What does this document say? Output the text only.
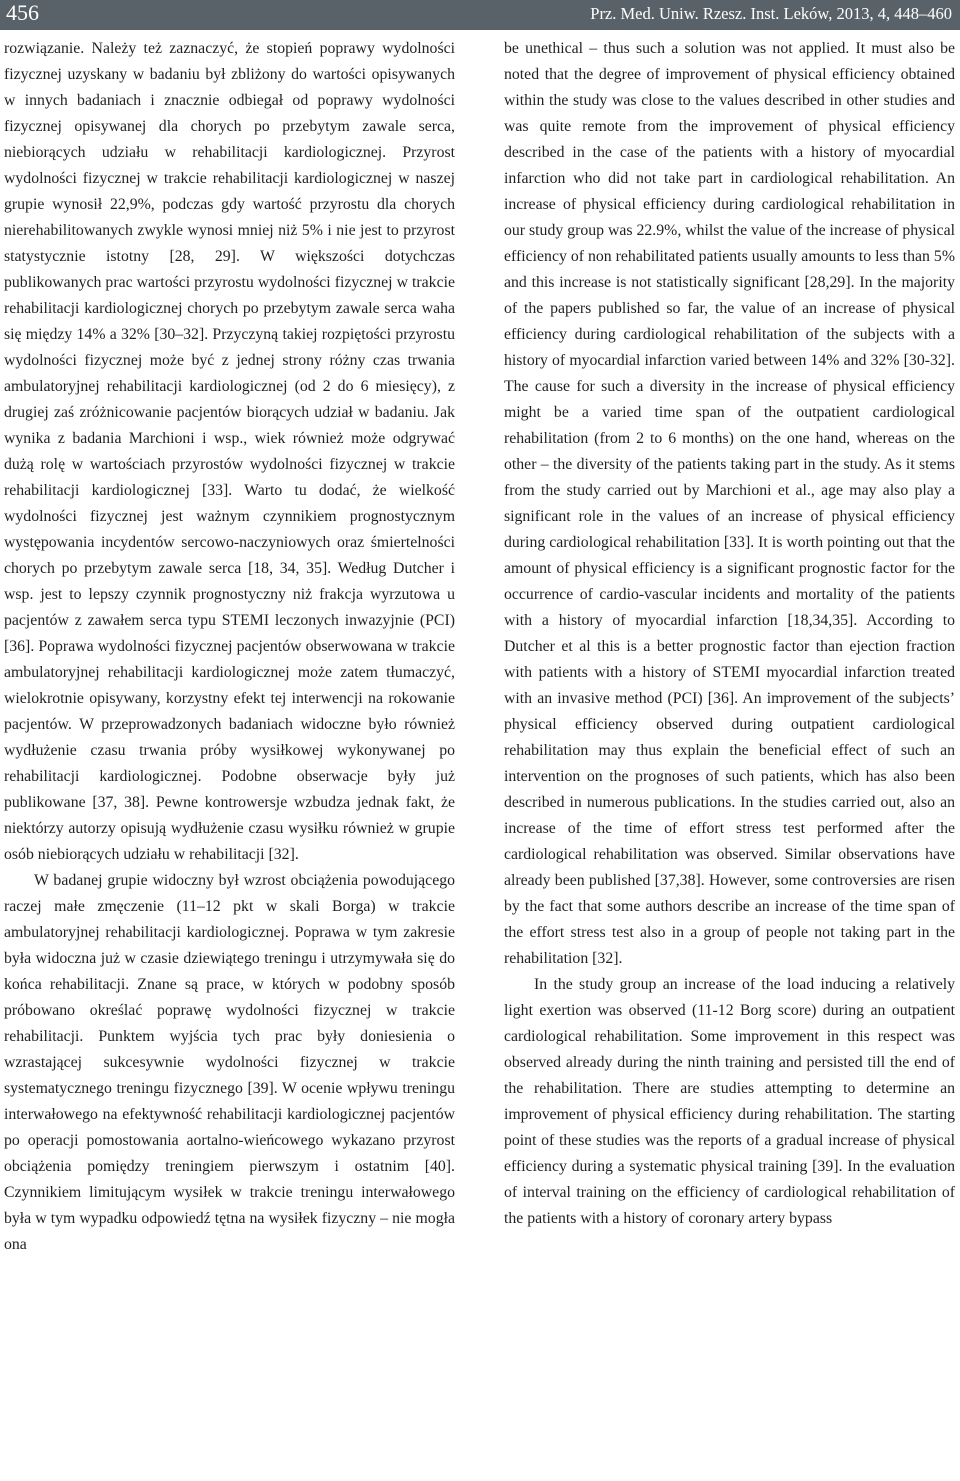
456	Prz. Med. Uniw. Rzesz. Inst. Leków, 2013, 4, 448–460

rozwiązanie. Należy też zaznaczyć, że stopień poprawy wydolności fizycznej uzyskany w badaniu był zbliżony do wartości opisywanych w innych badaniach i znacznie odbiegał od poprawy wydolności fizycznej opisywanej dla chorych po przebytym zawale serca, niebiorących udziału w rehabilitacji kardiologicznej. Przyrost wydolności fizycznej w trakcie rehabilitacji kardiologicznej w naszej grupie wynosił 22,9%, podczas gdy wartość przyrostu dla chorych nierehabilitowanych zwykle wynosi mniej niż 5% i nie jest to przyrost statystycznie istotny [28, 29]. W większości dotychczas publikowanych prac wartości przyrostu wydolności fizycznej w trakcie rehabilitacji kardiologicznej chorych po przebytym zawale serca waha się między 14% a 32% [30–32]. Przyczyną takiej rozpiętości przyrostu wydolności fizycznej może być z jednej strony różny czas trwania ambulatoryjnej rehabilitacji kardiologicznej (od 2 do 6 miesięcy), z drugiej zaś zróżnicowanie pacjentów biorących udział w badaniu. Jak wynika z badania Marchioni i wsp., wiek również może odgrywać dużą rolę w wartościach przyrostów wydolności fizycznej w trakcie rehabilitacji kardiologicznej [33]. Warto tu dodać, że wielkość wydolności fizycznej jest ważnym czynnikiem prognostycznym występowania incydentów sercowo-naczyniowych oraz śmiertelności chorych po przebytym zawale serca [18, 34, 35]. Według Dutcher i wsp. jest to lepszy czynnik prognostyczny niż frakcja wyrzutowa u pacjentów z zawałem serca typu STEMI leczonych inwazyjnie (PCI) [36]. Poprawa wydolności fizycznej pacjentów obserwowana w trakcie ambulatoryjnej rehabilitacji kardiologicznej może zatem tłumaczyć, wielokrotnie opisywany, korzystny efekt tej interwencji na rokowanie pacjentów. W przeprowadzonych badaniach widoczne było również wydłużenie czasu trwania próby wysiłkowej wykonywanej po rehabilitacji kardiologicznej. Podobne obserwacje były już publikowane [37, 38]. Pewne kontrowersje wzbudza jednak fakt, że niektórzy autorzy opisują wydłużenie czasu wysiłku również w grupie osób niebiorących udziału w rehabilitacji [32].

W badanej grupie widoczny był wzrost obciążenia powodującego raczej małe zmęczenie (11–12 pkt w skali Borga) w trakcie ambulatoryjnej rehabilitacji kardiologicznej. Poprawa w tym zakresie była widoczna już w czasie dziewiątego treningu i utrzymywała się do końca rehabilitacji. Znane są prace, w których w podobny sposób próbowano określać poprawę wydolności fizycznej w trakcie rehabilitacji. Punktem wyjścia tych prac były doniesienia o wzrastającej sukcesywnie wydolności fizycznej w trakcie systematycznego treningu fizycznego [39]. W ocenie wpływu treningu interwałowego na efektywność rehabilitacji kardiologicznej pacjentów po operacji pomostowania aortalno-wieńcowego wykazano przyrost obciążenia pomiędzy treningiem pierwszym i ostatnim [40]. Czynnikiem limitującym wysiłek w trakcie treningu interwałowego była w tym wypadku odpowiedź tętna na wysiłek fizyczny – nie mogła ona

be unethical – thus such a solution was not applied. It must also be noted that the degree of improvement of physical efficiency obtained within the study was close to the values described in other studies and was quite remote from the improvement of physical efficiency described in the case of the patients with a history of myocardial infarction who did not take part in cardiological rehabilitation. An increase of physical efficiency during cardiological rehabilitation in our study group was 22.9%, whilst the value of the increase of physical efficiency of non rehabilitated patients usually amounts to less than 5% and this increase is not statistically significant [28,29]. In the majority of the papers published so far, the value of an increase of physical efficiency during cardiological rehabilitation of the subjects with a history of myocardial infarction varied between 14% and 32% [30-32]. The cause for such a diversity in the increase of physical efficiency might be a varied time span of the outpatient cardiological rehabilitation (from 2 to 6 months) on the one hand, whereas on the other – the diversity of the patients taking part in the study. As it stems from the study carried out by Marchioni et al., age may also play a significant role in the values of an increase of physical efficiency during cardiological rehabilitation [33]. It is worth pointing out that the amount of physical efficiency is a significant prognostic factor for the occurrence of cardio-vascular incidents and mortality of the patients with a history of myocardial infarction [18,34,35]. According to Dutcher et al this is a better prognostic factor than ejection fraction with patients with a history of STEMI myocardial infarction treated with an invasive method (PCI) [36]. An improvement of the subjects’ physical efficiency observed during outpatient cardiological rehabilitation may thus explain the beneficial effect of such an intervention on the prognoses of such patients, which has also been described in numerous publications. In the studies carried out, also an increase of the time of effort stress test performed after the cardiological rehabilitation was observed. Similar observations have already been published [37,38]. However, some controversies are risen by the fact that some authors describe an increase of the time span of the effort stress test also in a group of people not taking part in the rehabilitation [32].

In the study group an increase of the load inducing a relatively light exertion was observed (11-12 Borg score) during an outpatient cardiological rehabilitation. Some improvement in this respect was observed already during the ninth training and persisted till the end of the rehabilitation. There are studies attempting to determine an improvement of physical efficiency during rehabilitation. The starting point of these studies was the reports of a gradual increase of physical efficiency during a systematic physical training [39]. In the evaluation of interval training on the efficiency of cardiological rehabilitation of the patients with a history of coronary artery bypass
